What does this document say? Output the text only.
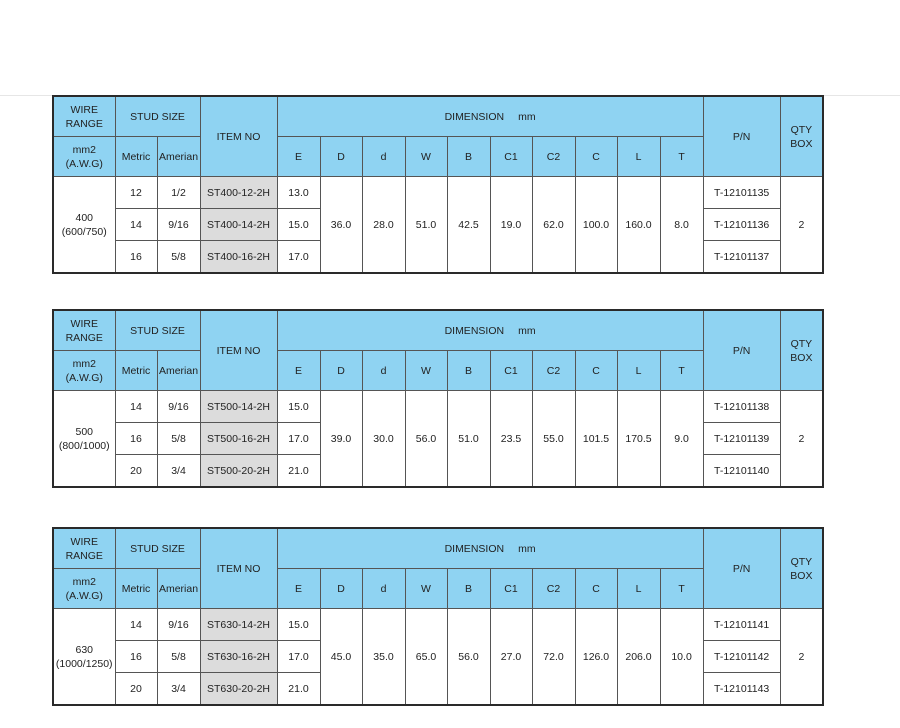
WIRE RANGE	STUD SIZE		ITEM NO	DIMENSION mm										P/N	QTY BOX
mm2 (A.W.G)	Metric	Amerian		E	D	d	W	B	C1	C2	C	L	T		

400
(600/750)	12	1/2	ST400-12-2H	13.0	36.0	28.0	51.0	42.5	19.0	62.0	100.0	160.0	8.0	T-12101135	2
	14	9/16	ST400-14-2H	15.0										T-12101136	
	16	5/8	ST400-16-2H	17.0										T-12101137	
WIRE RANGE	STUD SIZE		ITEM NO	DIMENSION mm										P/N	QTY BOX
mm2 (A.W.G)	Metric	Amerian		E	D	d	W	B	C1	C2	C	L	T		

500
(800/1000)	14	9/16	ST500-14-2H	15.0	39.0	30.0	56.0	51.0	23.5	55.0	101.5	170.5	9.0	T-12101138	2
	16	5/8	ST500-16-2H	17.0										T-12101139	
	20	3/4	ST500-20-2H	21.0										T-12101140	
WIRE RANGE	STUD SIZE		ITEM NO	DIMENSION mm										P/N	QTY BOX
mm2 (A.W.G)	Metric	Amerian		E	D	d	W	B	C1	C2	C	L	T		

630
(1000/1250)	14	9/16	ST630-14-2H	15.0	45.0	35.0	65.0	56.0	27.0	72.0	126.0	206.0	10.0	T-12101141	2
	16	5/8	ST630-16-2H	17.0										T-12101142	
	20	3/4	ST630-20-2H	21.0										T-12101143	
